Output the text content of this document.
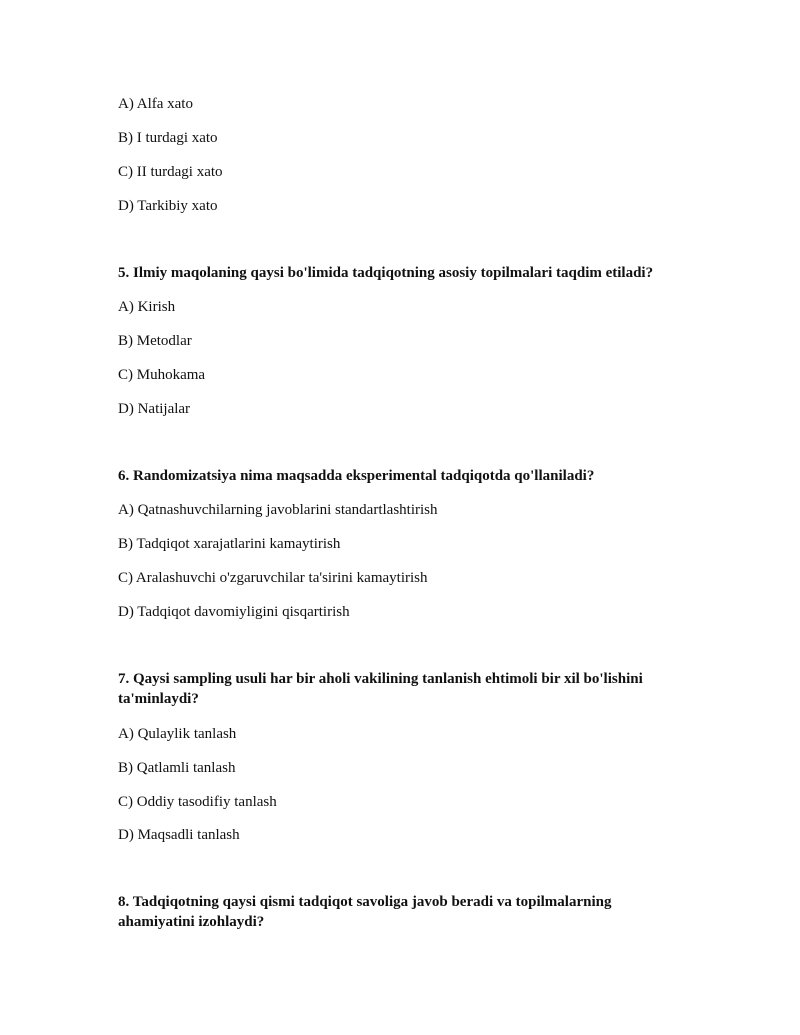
A) Alfa xato
B) I turdagi xato
C) II turdagi xato
D) Tarkibiy xato
5. Ilmiy maqolaning qaysi bo'limida tadqiqotning asosiy topilmalari taqdim etiladi?
A) Kirish
B) Metodlar
C) Muhokama
D) Natijalar
6. Randomizatsiya nima maqsadda eksperimental tadqiqotda qo'llaniladi?
A) Qatnashuvchilarning javoblarini standartlashtirish
B) Tadqiqot xarajatlarini kamaytirish
C) Aralashuvchi o'zgaruvchilar ta'sirini kamaytirish
D) Tadqiqot davomiyligini qisqartirish
7. Qaysi sampling usuli har bir aholi vakilining tanlanish ehtimoli bir xil bo'lishini ta'minlaydi?
A) Qulaylik tanlash
B) Qatlamli tanlash
C) Oddiy tasodifiy tanlash
D) Maqsadli tanlash
8. Tadqiqotning qaysi qismi tadqiqot savoliga javob beradi va topilmalarning ahamiyatini izohlaydi?
